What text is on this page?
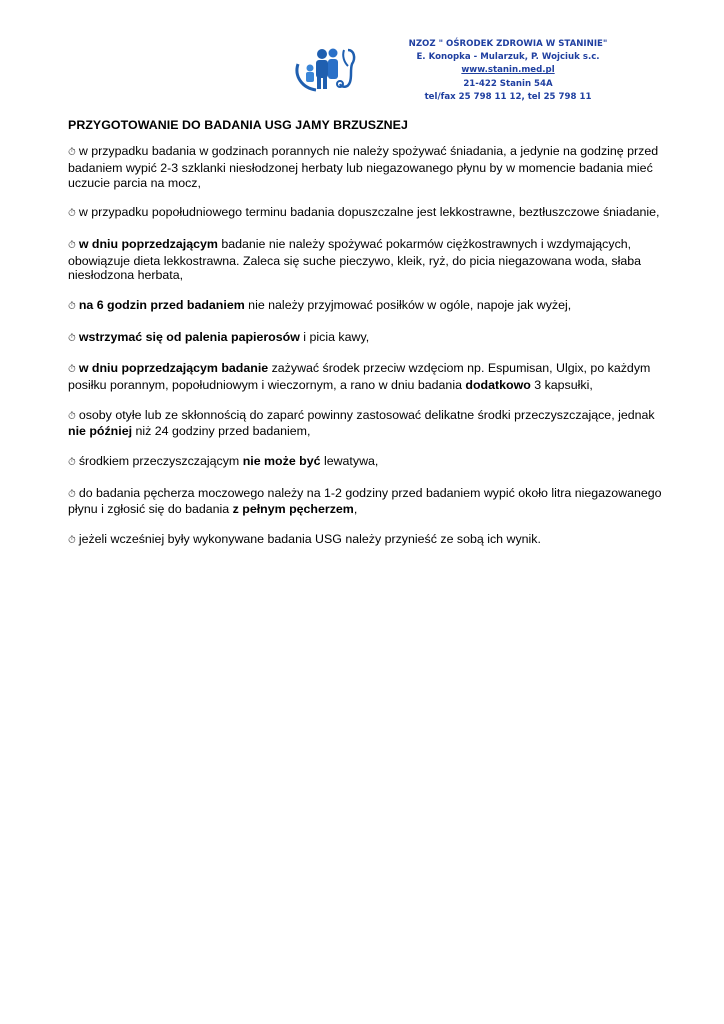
NZOZ " OŚRODEK ZDROWIA W STANINIE"
E. Konopka - Mularzuk, P. Wojciuk s.c.
www.stanin.med.pl
21-422 Stanin 54A
tel/fax 25 798 11 12, tel 25 798 11
PRZYGOTOWANIE DO BADANIA USG JAMY BRZUSZNEJ

⏱ w przypadku badania w godzinach porannych nie należy spożywać śniadania, a jedynie na godzinę przed badaniem wypić 2-3 szklanki niesłodzonej herbaty lub niegazowanego płynu by w momencie badania mieć uczucie parcia na mocz,

⏱ w przypadku popołudniowego terminu badania dopuszczalne jest lekkostrawne, beztłuszczowe śniadanie,

⏱ w dniu poprzedzającym badanie nie należy spożywać pokarmów ciężkostrawnych i wzdymających, obowiązuje dieta lekkostrawna. Zaleca się suche pieczywo, kleik, ryż, do picia niegazowana woda, słaba niesłodzona herbata,

⏱ na 6 godzin przed badaniem nie należy przyjmować posiłków w ogóle, napoje jak wyżej,

⏱ wstrzymać się od palenia papierosów i picia kawy,

⏱ w dniu poprzedzającym badanie zażywać środek przeciw wzdęciom np. Espumisan, Ulgix, po każdym posiłku porannym, popołudniowym i wieczornym, a rano w dniu badania dodatkowo 3 kapsułki,

⏱ osoby otyłe lub ze skłonnością do zaparć powinny zastosować delikatne środki przeczyszczające, jednak nie później niż 24 godziny przed badaniem,

⏱ środkiem przeczyszczającym nie może być lewatywa,

⏱ do badania pęcherza moczowego należy na 1-2 godziny przed badaniem wypić około litra niegazowanego płynu i zgłosić się do badania z pełnym pęcherzem,

⏱ jeżeli wcześniej były wykonywane badania USG należy przynieść ze sobą ich wynik.
